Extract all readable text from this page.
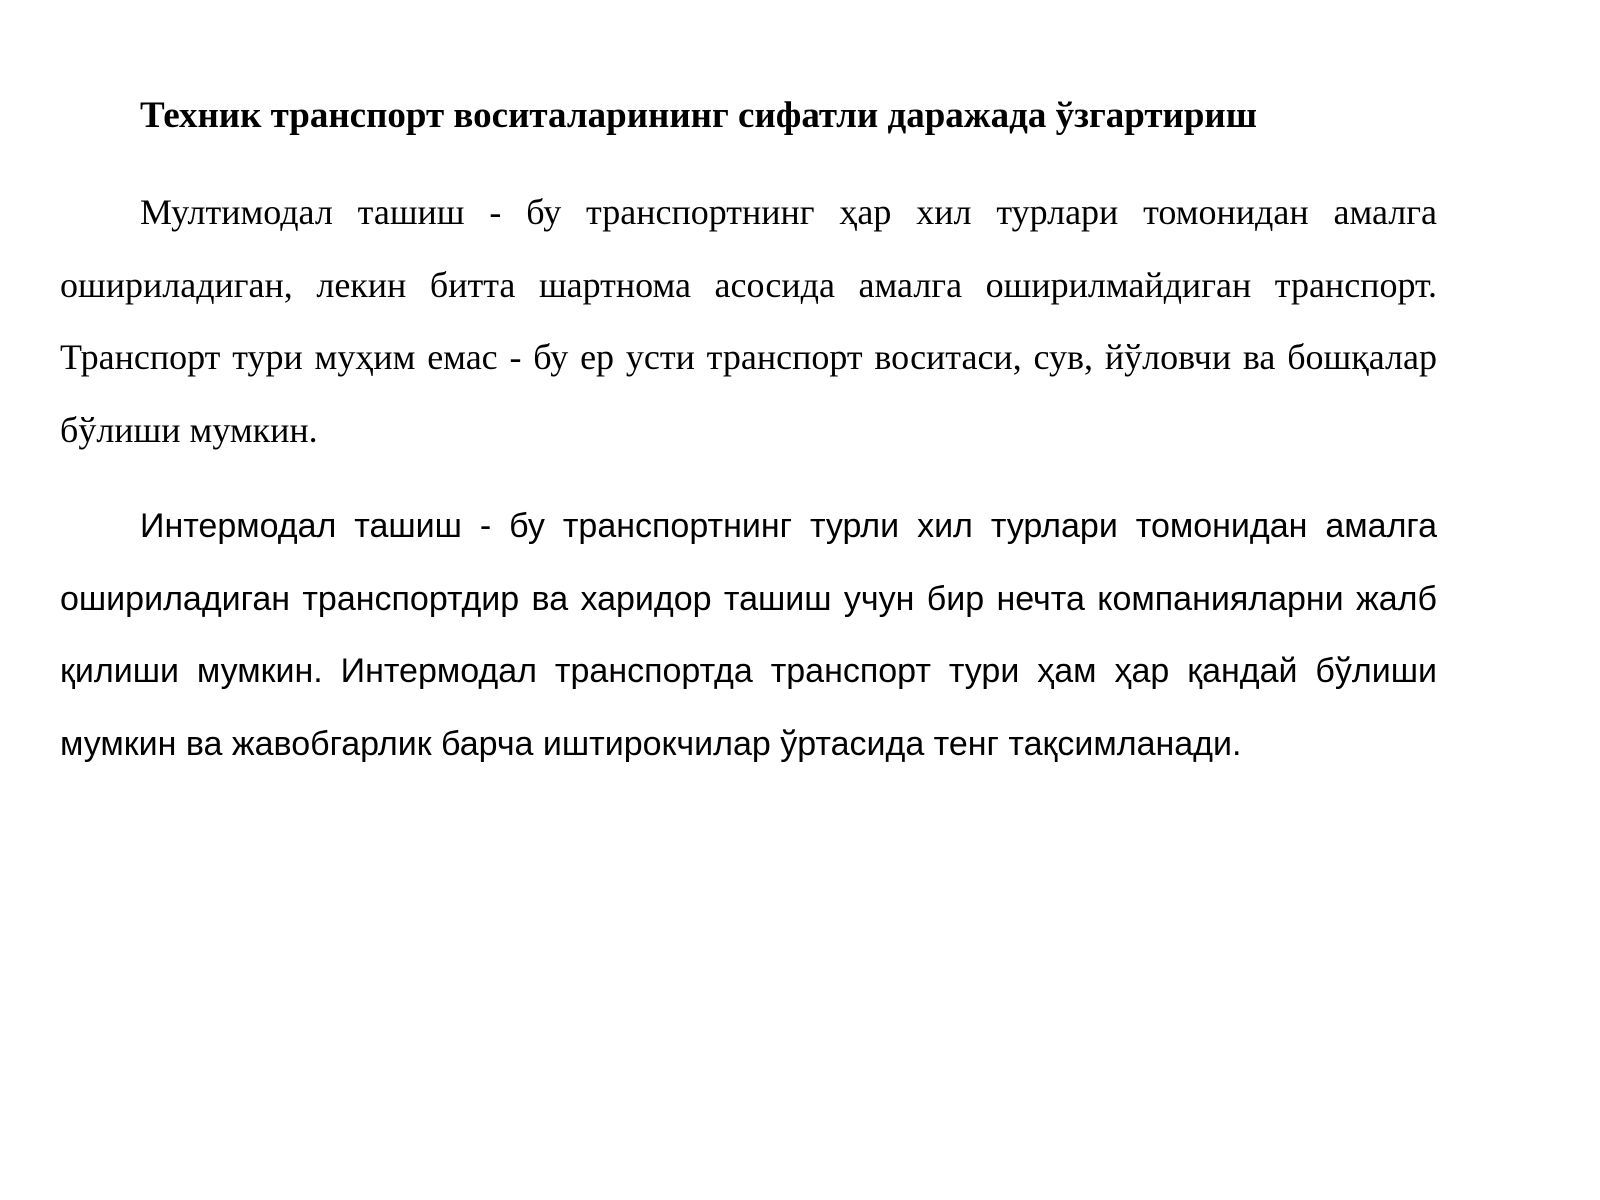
Техник транспорт воситаларининг сифатли даражада ўзгартириш

Мултимодал ташиш - бу транспортнинг ҳар хил турлари томонидан амалга ошириладиган, лекин битта шартнома асосида амалга оширилмайдиган транспорт. Транспорт тури муҳим емас - бу ер усти транспорт воситаси, сув, йўловчи ва бошқалар бўлиши мумкин.

Интермодал ташиш - бу транспортнинг турли хил турлари томонидан амалга ошириладиган транспортдир ва харидор ташиш учун бир нечта компанияларни жалб қилиши мумкин. Интермодал транспортда транспорт тури ҳам ҳар қандай бўлиши мумкин ва жавобгарлик барча иштирокчилар ўртасида тенг тақсимланади.
